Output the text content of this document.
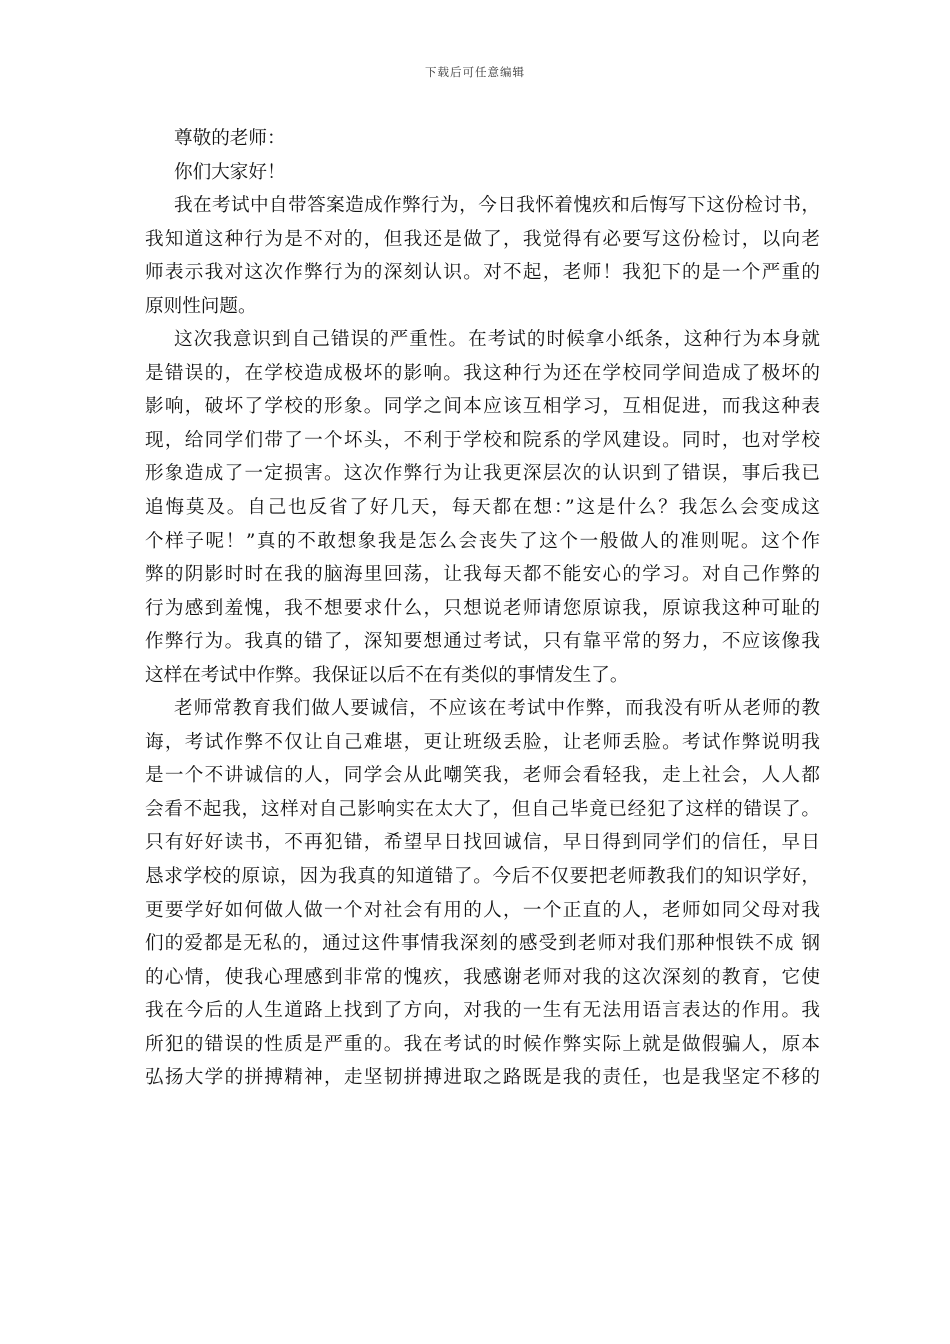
下载后可任意编辑
尊敬的老师：
你们大家好！
我在考试中自带答案造成作弊行为，今日我怀着愧疚和后悔写下这份检讨书，
我知道这种行为是不对的，但我还是做了，我觉得有必要写这份检讨，以向老
师表示我对这次作弊行为的深刻认识。对不起，老师！我犯下的是一个严重的
原则性问题。
这次我意识到自己错误的严重性。在考试的时候拿小纸条，这种行为本身就
是错误的，在学校造成极坏的影响。我这种行为还在学校同学间造成了极坏的
影响，破坏了学校的形象。同学之间本应该互相学习，互相促进，而我这种表
现，给同学们带了一个坏头，不利于学校和院系的学风建设。同时，也对学校
形象造成了一定损害。这次作弊行为让我更深层次的认识到了错误，事后我已
追悔莫及。自己也反省了好几天，每天都在想：”这是什么？我怎么会变成这
个样子呢！”真的不敢想象我是怎么会丧失了这个一般做人的准则呢。这个作
弊的阴影时时在我的脑海里回荡，让我每天都不能安心的学习。对自己作弊的
行为感到羞愧，我不想要求什么，只想说老师请您原谅我，原谅我这种可耻的
作弊行为。我真的错了，深知要想通过考试，只有靠平常的努力，不应该像我
这样在考试中作弊。我保证以后不在有类似的事情发生了。
老师常教育我们做人要诚信，不应该在考试中作弊，而我没有听从老师的教
诲，考试作弊不仅让自己难堪，更让班级丢脸，让老师丢脸。考试作弊说明我
是一个不讲诚信的人，同学会从此嘲笑我，老师会看轻我，走上社会，人人都
会看不起我，这样对自己影响实在太大了，但自己毕竟已经犯了这样的错误了。
只有好好读书，不再犯错，希望早日找回诚信，早日得到同学们的信任，早日
恳求学校的原谅，因为我真的知道错了。今后不仅要把老师教我们的知识学好，
更要学好如何做人做一个对社会有用的人，一个正直的人，老师如同父母对我
们的爱都是无私的，通过这件事情我深刻的感受到老师对我们那种恨铁不成 钢
的心情，使我心理感到非常的愧疚，我感谢老师对我的这次深刻的教育，它使
我在今后的人生道路上找到了方向，对我的一生有无法用语言表达的作用。我
所犯的错误的性质是严重的。我在考试的时候作弊实际上就是做假骗人，原本
弘扬大学的拼搏精神，走坚韧拼搏进取之路既是我的责任，也是我坚定不移的
